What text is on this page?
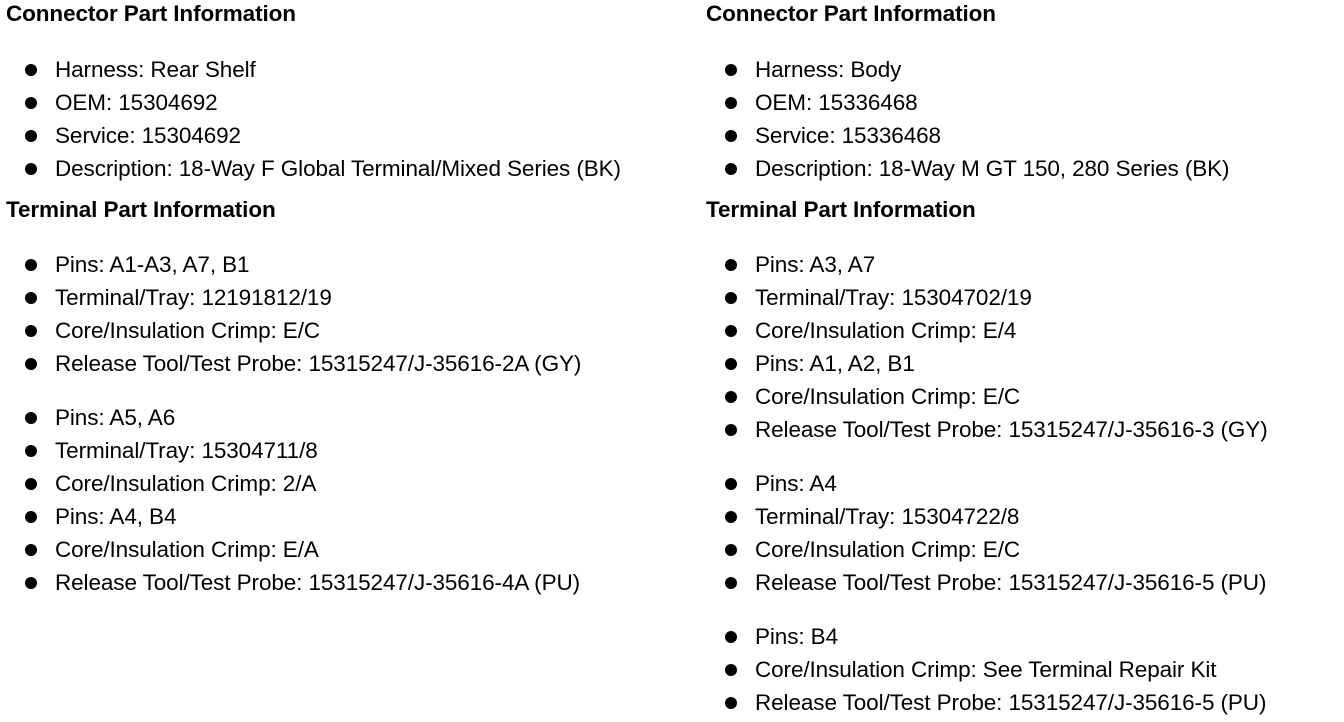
Connector Part Information
Harness: Rear Shelf
OEM: 15304692
Service: 15304692
Description: 18-Way F Global Terminal/Mixed Series (BK)
Terminal Part Information
Pins: A1-A3, A7, B1
Terminal/Tray: 12191812/19
Core/Insulation Crimp: E/C
Release Tool/Test Probe: 15315247/J-35616-2A (GY)
Pins: A5, A6
Terminal/Tray: 15304711/8
Core/Insulation Crimp: 2/A
Pins: A4, B4
Core/Insulation Crimp: E/A
Release Tool/Test Probe: 15315247/J-35616-4A (PU)
Connector Part Information
Harness: Body
OEM: 15336468
Service: 15336468
Description: 18-Way M GT 150, 280 Series (BK)
Terminal Part Information
Pins: A3, A7
Terminal/Tray: 15304702/19
Core/Insulation Crimp: E/4
Pins: A1, A2, B1
Core/Insulation Crimp: E/C
Release Tool/Test Probe: 15315247/J-35616-3 (GY)
Pins: A4
Terminal/Tray: 15304722/8
Core/Insulation Crimp: E/C
Release Tool/Test Probe: 15315247/J-35616-5 (PU)
Pins: B4
Core/Insulation Crimp: See Terminal Repair Kit
Release Tool/Test Probe: 15315247/J-35616-5 (PU)
